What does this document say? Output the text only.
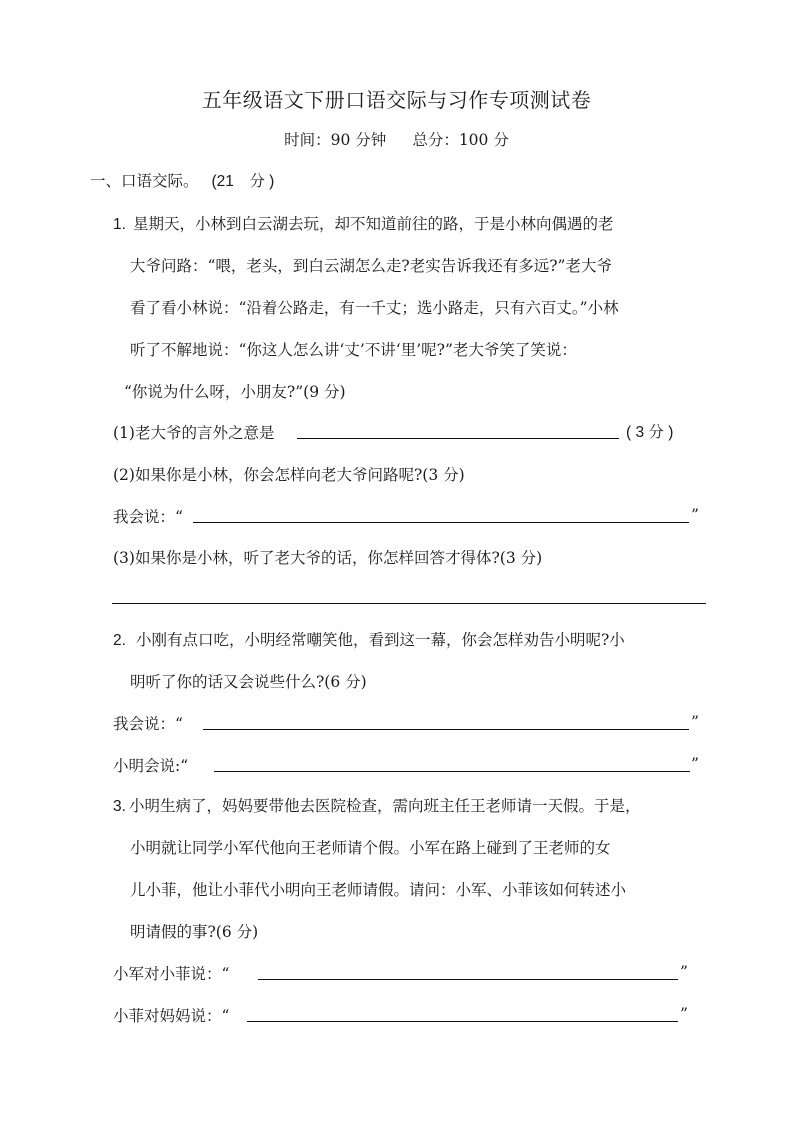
五年级语文下册口语交际与习作专项测试卷
时间：90 分钟 总分：100 分
一、口语交际。 (21　分 )
1. 星期天，小林到白云湖去玩，却不知道前往的路，于是小林向偶遇的老
大爷问路：“喂，老头，到白云湖怎么走?老实告诉我还有多远?”老大爷
看了看小林说：“沿着公路走，有一千丈；选小路走，只有六百丈。”小林
听了不解地说：“你这人怎么讲‘丈’不讲‘里’呢?”老大爷笑了笑说：
“你说为什么呀，小朋友?”(9 分)
(1)老大爷的言外之意是	( 3 分 )
(2)如果你是小林，你会怎样向老大爷问路呢?(3 分)
我会说：“	”
(3)如果你是小林，听了老大爷的话，你怎样回答才得体?(3 分)
2. 小刚有点口吃，小明经常嘲笑他，看到这一幕，你会怎样劝告小明呢?小
明听了你的话又会说些什么?(6 分)
我会说：“	”
小明会说:“	”
3. 小明生病了，妈妈要带他去医院检查，需向班主任王老师请一天假。于是，
小明就让同学小军代他向王老师请个假。小军在路上碰到了王老师的女
儿小菲，他让小菲代小明向王老师请假。请问：小军、小菲该如何转述小
明请假的事?(6 分)
小军对小菲说：“	”
小菲对妈妈说：“	”
